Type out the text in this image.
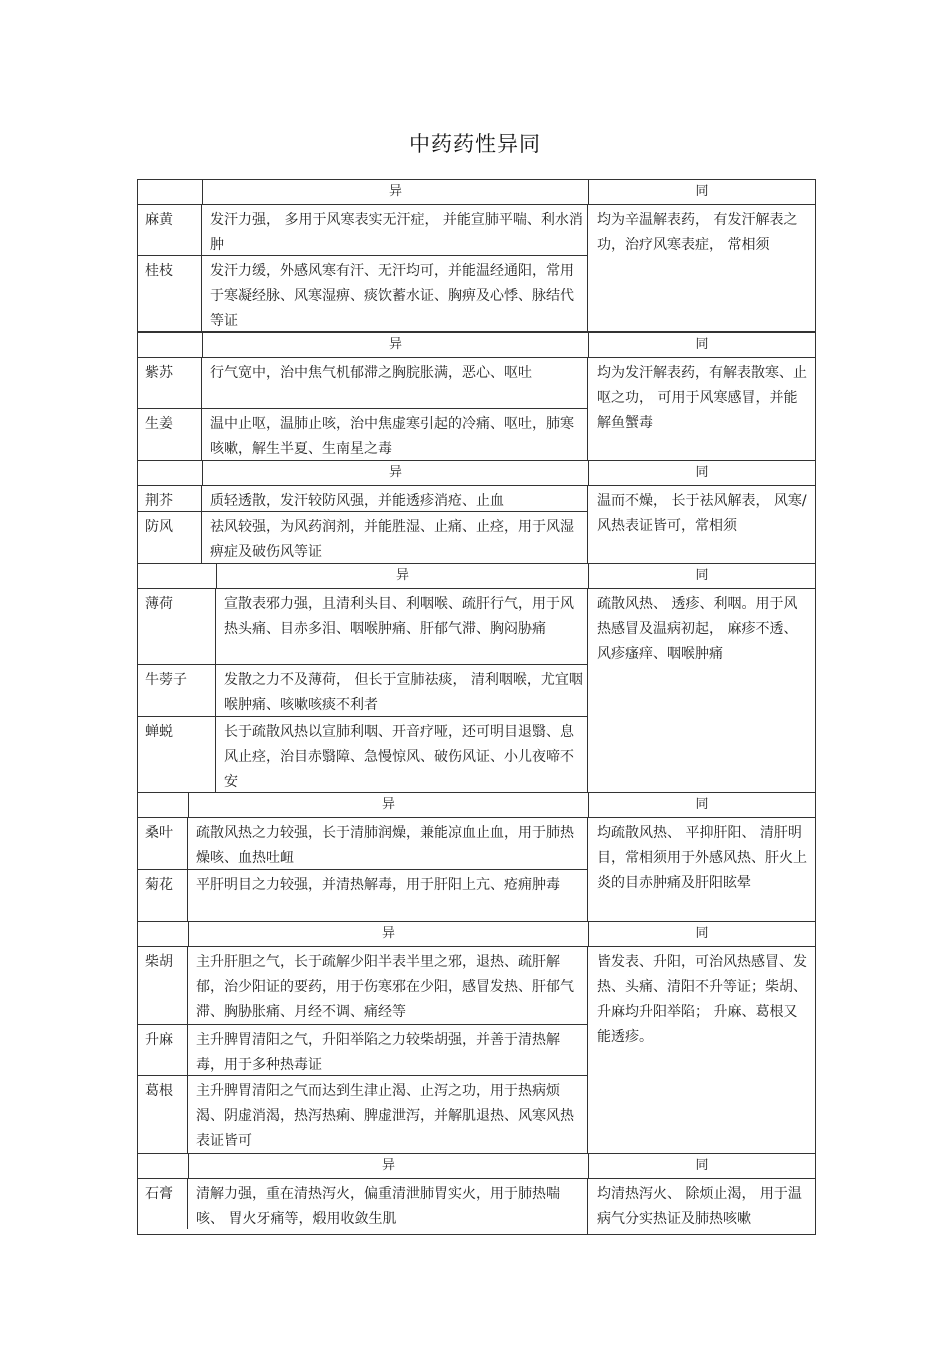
中药药性异同
异	同
麻黄	发汗力强， 多用于风寒表实无汗症， 并能宣肺平喘、利水消肿
桂枝	发汗力缓，外感风寒有汗、无汗均可，并能温经通阳，常用于寒凝经脉、风寒湿痹、痰饮蓄水证、胸痹及心悸、脉结代等证
均为辛温解表药， 有发汗解表之功，治疗风寒表症， 常相须
异	同
紫苏	行气宽中，治中焦气机郁滞之胸脘胀满，恶心、呕吐
生姜	温中止呕，温肺止咳，治中焦虚寒引起的冷痛、呕吐，肺寒咳嗽，解生半夏、生南星之毒
均为发汗解表药，有解表散寒、止呕之功， 可用于风寒感冒，并能解鱼蟹毒
异	同
荆芥	质轻透散，发汗较防风强，并能透疹消疮、止血
防风	祛风较强，为风药润剂，并能胜湿、止痛、止痉，用于风湿痹症及破伤风等证
温而不燥， 长于祛风解表， 风寒/风热表证皆可，常相须
异	同
薄荷	宣散表邪力强，且清利头目、利咽喉、疏肝行气，用于风热头痛、目赤多泪、咽喉肿痛、肝郁气滞、胸闷胁痛
牛蒡子	发散之力不及薄荷， 但长于宣肺祛痰， 清利咽喉，尤宜咽喉肿痛、咳嗽咳痰不利者
蝉蜕	长于疏散风热以宣肺利咽、开音疗哑，还可明目退翳、息风止痉，治目赤翳障、急慢惊风、破伤风证、小儿夜啼不安
疏散风热、 透疹、利咽。用于风热感冒及温病初起， 麻疹不透、风疹瘙痒、咽喉肿痛
异	同
桑叶	疏散风热之力较强，长于清肺润燥，兼能凉血止血，用于肺热燥咳、血热吐衄
菊花	平肝明目之力较强，并清热解毒，用于肝阳上亢、疮痈肿毒
均疏散风热、 平抑肝阳、 清肝明目，常相须用于外感风热、肝火上炎的目赤肿痛及肝阳眩晕
异	同
柴胡	主升肝胆之气，长于疏解少阳半表半里之邪，退热、疏肝解郁，治少阳证的要药，用于伤寒邪在少阳，感冒发热、肝郁气滞、胸胁胀痛、月经不调、痛经等
升麻	主升脾胃清阳之气，升阳举陷之力较柴胡强，并善于清热解毒，用于多种热毒证
葛根	主升脾胃清阳之气而达到生津止渴、止泻之功，用于热病烦渴、阴虚消渴，热泻热痢、脾虚泄泻，并解肌退热、风寒风热表证皆可
皆发表、升阳，可治风热感冒、发热、头痛、清阳不升等证；柴胡、升麻均升阳举陷； 升麻、葛根又能透疹。
异	同
石膏	清解力强，重在清热泻火，偏重清泄肺胃实火，用于肺热喘咳、 胃火牙痛等，煅用收敛生肌
均清热泻火、 除烦止渴， 用于温病气分实热证及肺热咳嗽
